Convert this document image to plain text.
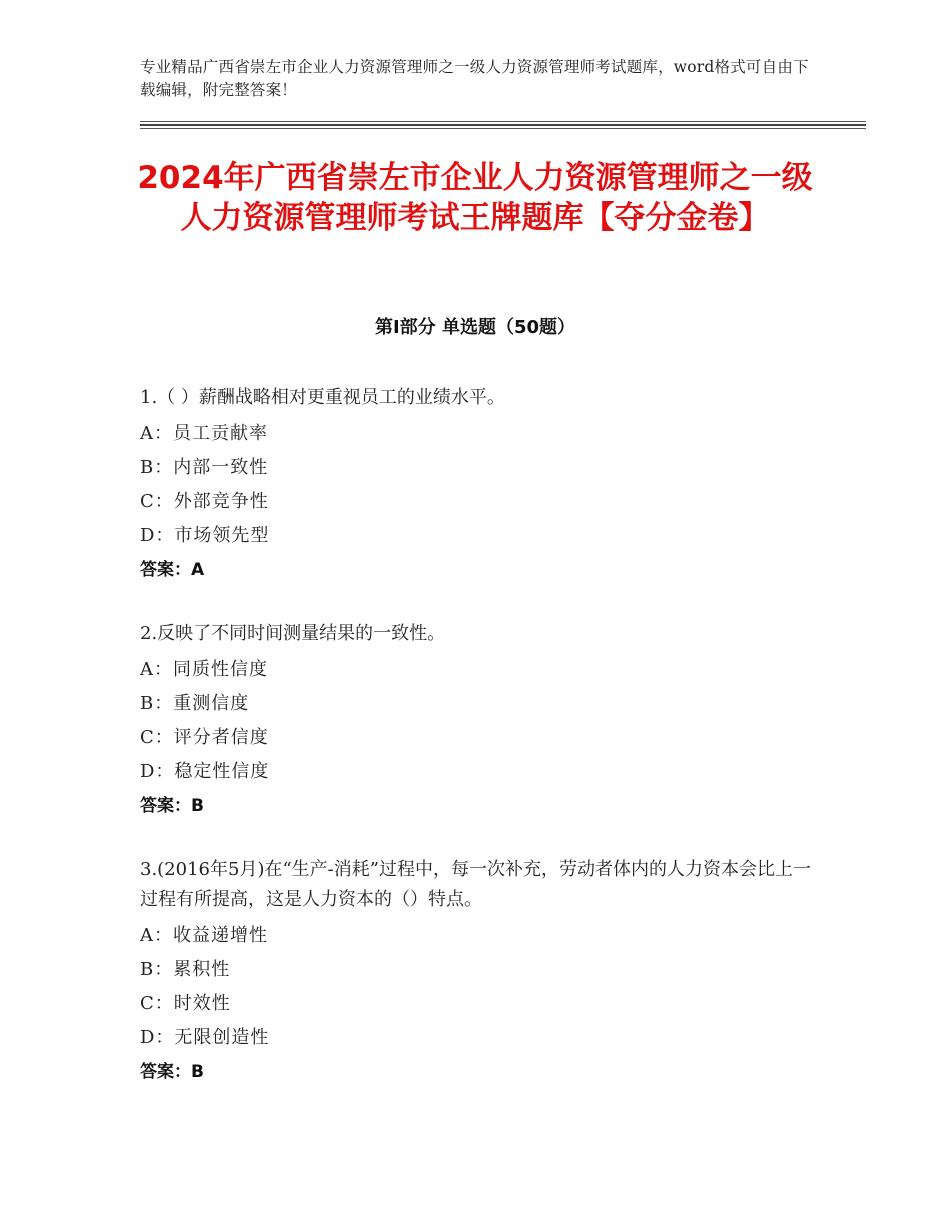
专业精品广西省崇左市企业人力资源管理师之一级人力资源管理师考试题库，word格式可自由下载编辑，附完整答案！
2024年广西省崇左市企业人力资源管理师之一级人力资源管理师考试王牌题库【夺分金卷】
第Ⅰ部分 单选题（50题）
1.（ ）薪酬战略相对更重视员工的业绩水平。
A：员工贡献率
B：内部一致性
C：外部竞争性
D：市场领先型
答案：A
2.反映了不同时间测量结果的一致性。
A：同质性信度
B：重测信度
C：评分者信度
D：稳定性信度
答案：B
3.(2016年5月)在“生产-消耗”过程中，每一次补充，劳动者体内的人力资本会比上一过程有所提高，这是人力资本的（）特点。
A：收益递增性
B：累积性
C：时效性
D：无限创造性
答案：B
